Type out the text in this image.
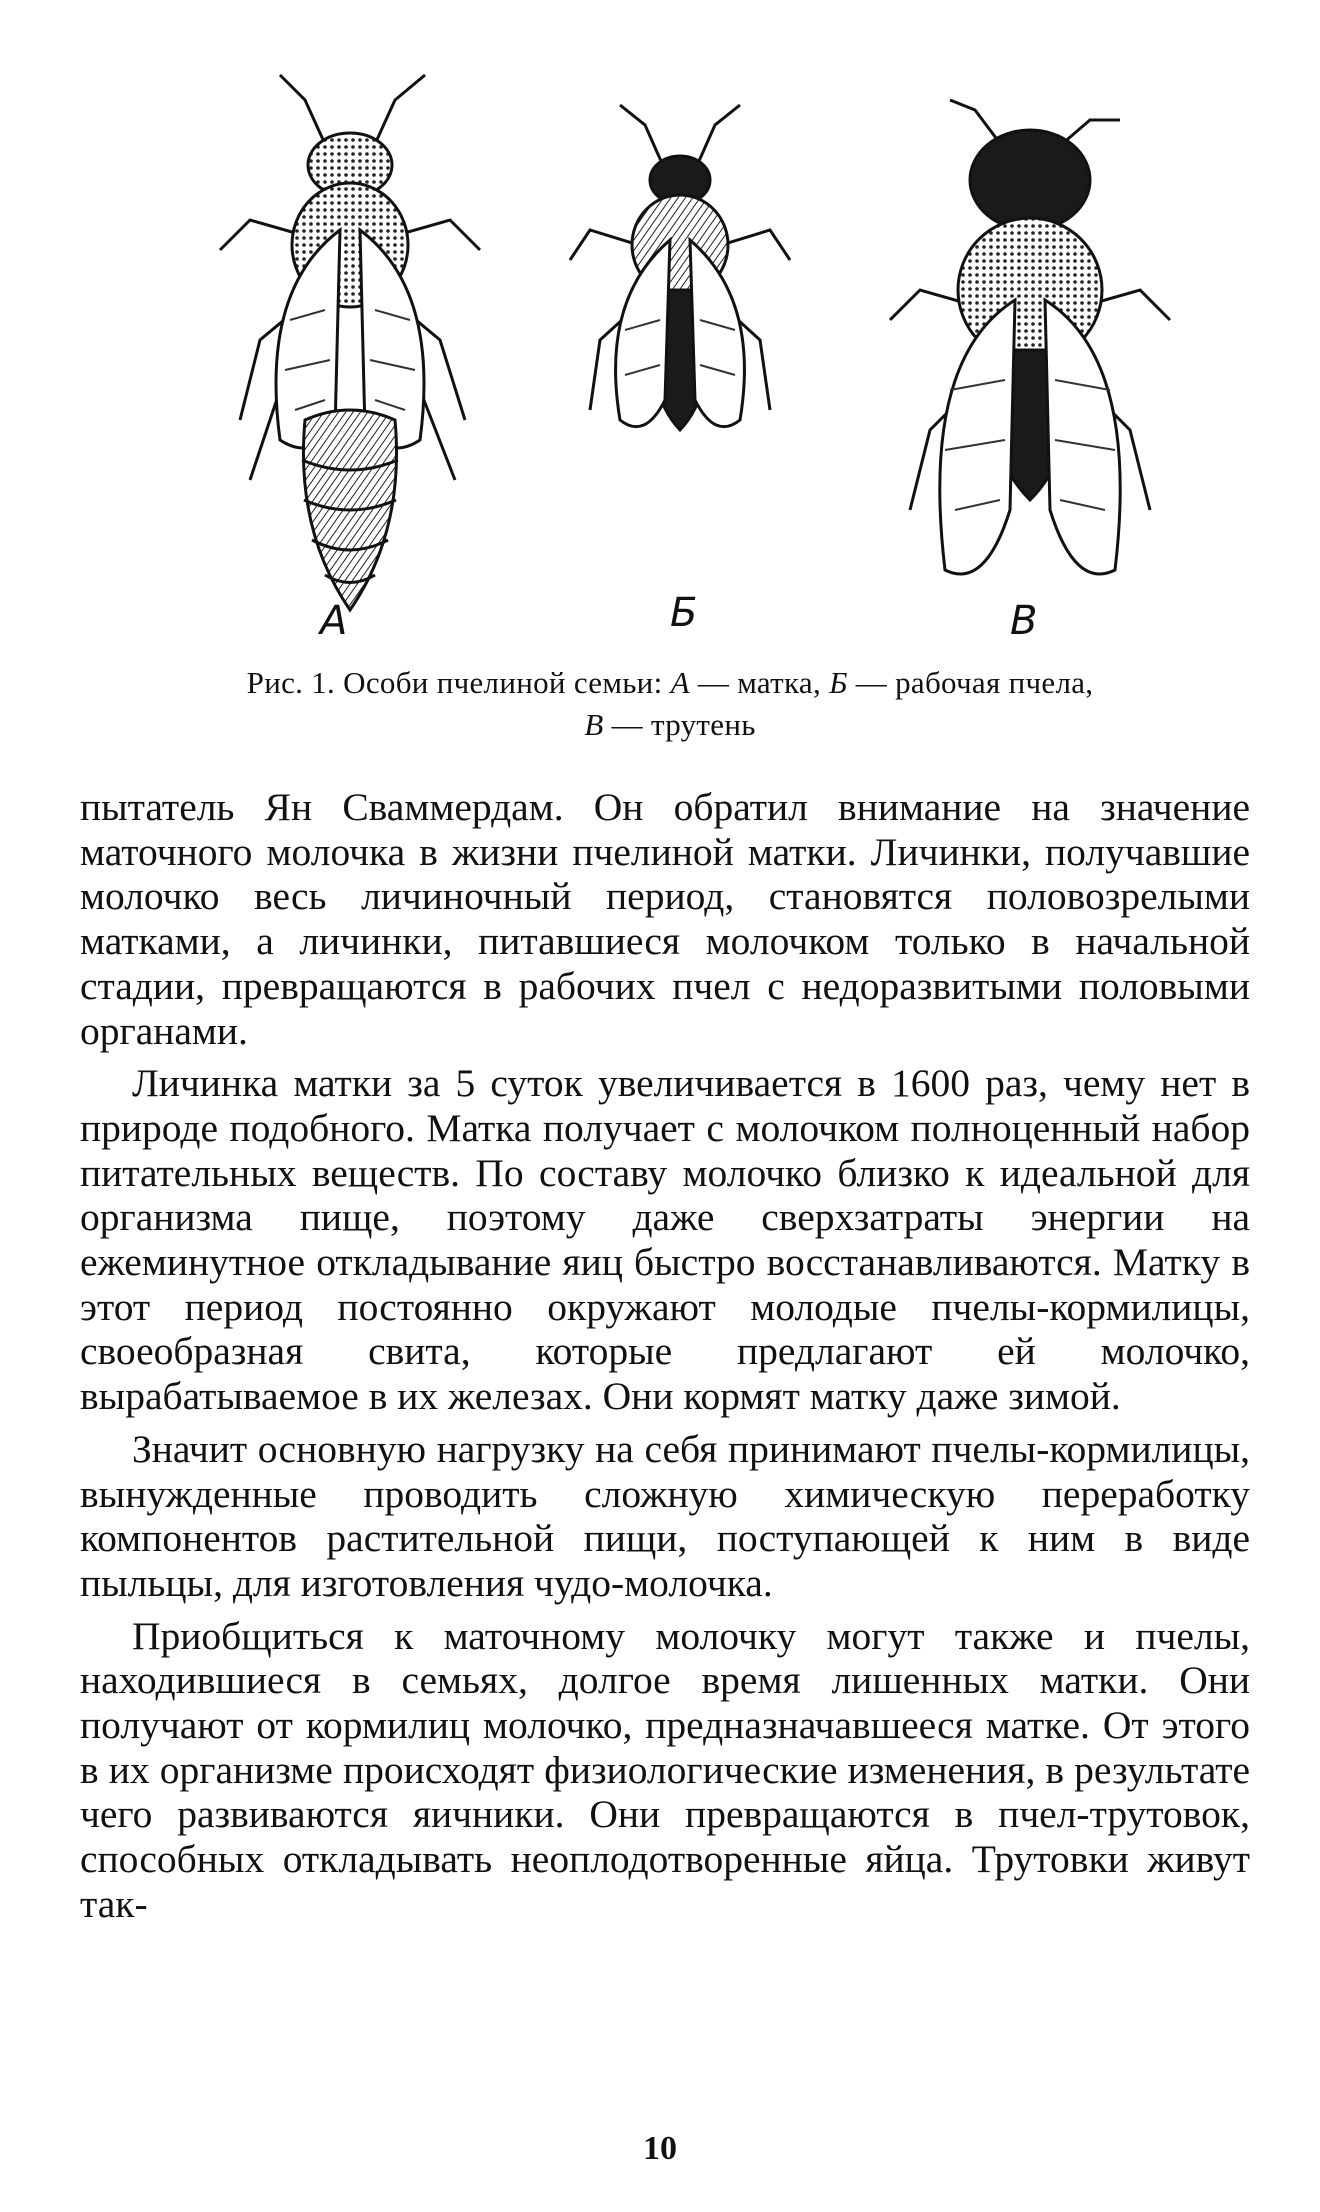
А	Б	В
Рис. 1. Особи пчелиной семьи: А — матка, Б — рабочая пчела,
В — трутень

пытатель Ян Сваммердам. Он обратил внимание на значение маточного молочка в жизни пчелиной матки. Личинки, получавшие молочко весь личиночный период, становятся половозрелыми матками, а личинки, питавшиеся молочком только в начальной стадии, превращаются в рабочих пчел с недоразвитыми половыми органами.

Личинка матки за 5 суток увеличивается в 1600 раз, чему нет в природе подобного. Матка получает с молочком полноценный набор питательных веществ. По составу молочко близко к идеальной для организма пище, поэтому даже сверхзатраты энергии на ежеминутное откладывание яиц быстро восстанавливаются. Матку в этот период постоянно окружают молодые пчелы-кормилицы, своеобразная свита, которые предлагают ей молочко, вырабатываемое в их железах. Они кормят матку даже зимой.

Значит основную нагрузку на себя принимают пчелы-кормилицы, вынужденные проводить сложную химическую переработку компонентов растительной пищи, поступающей к ним в виде пыльцы, для изготовления чудо-молочка.

Приобщиться к маточному молочку могут также и пчелы, находившиеся в семьях, долгое время лишенных матки. Они получают от кормилиц молочко, предназначавшееся матке. От этого в их организме происходят физиологические изменения, в результате чего развиваются яичники. Они превращаются в пчел-трутовок, способных откладывать неоплодотворенные яйца. Трутовки живут так-

10
